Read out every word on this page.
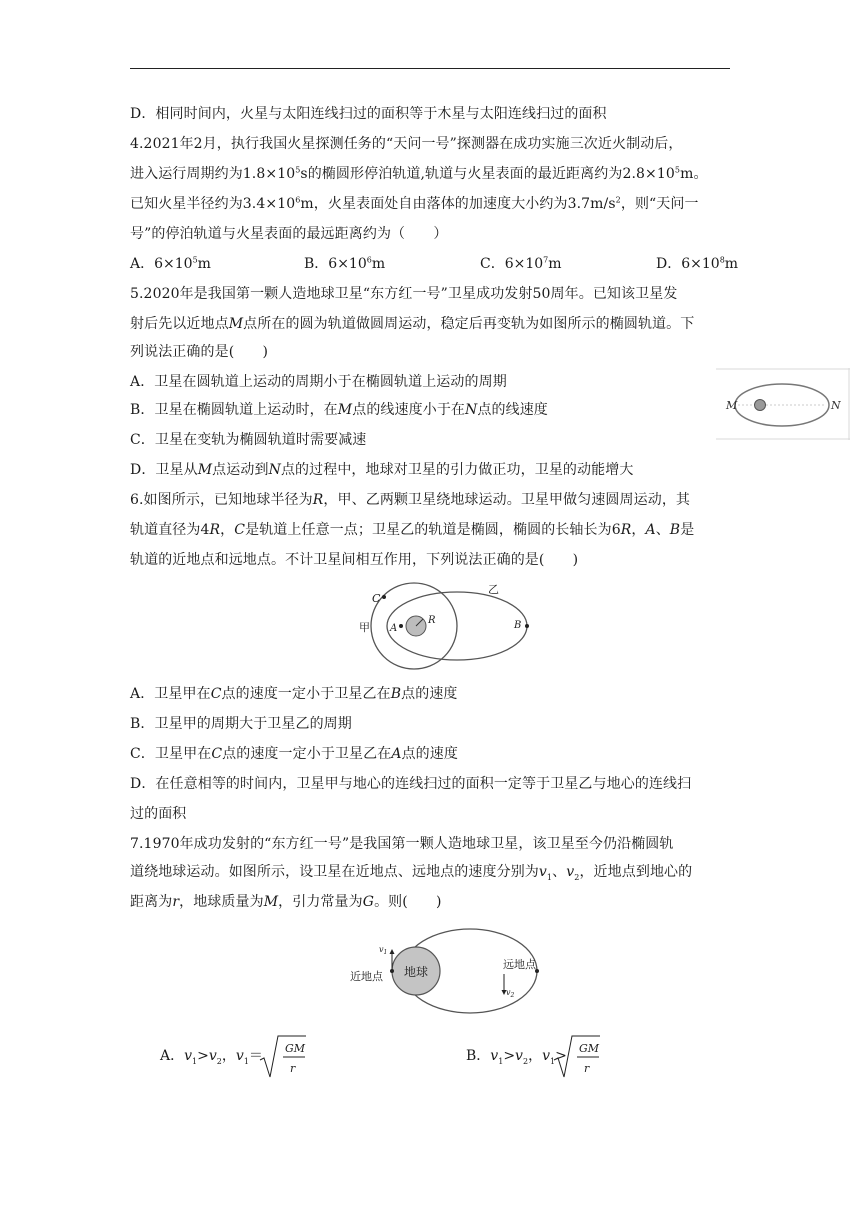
D．相同时间内，火星与太阳连线扫过的面积等于木星与太阳连线扫过的面积
4.2021年2月，执行我国火星探测任务的“天问一号”探测器在成功实施三次近火制动后，
进入运行周期约为$1.8\times 10^5s$的椭圆形停泊轨道,轨道与火星表面的最近距离约为$2.8\times 10^5m$。
已知火星半径约为$3.4\times 10^6m$，火星表面处自由落体的加速度大小约为$3.7m/s^2$，则“天问一
号”的停泊轨道与火星表面的最远距离约为（　　）
A．$6\times 10^5m$	B．$6\times 10^6m$	C．$6\times 10^7m$	D．$6\times 10^8m$
5.2020年是我国第一颗人造地球卫星“东方红一号”卫星成功发射50周年。已知该卫星发
射后先以近地点M点所在的圆为轨道做圆周运动，稳定后再变轨为如图所示的椭圆轨道。下
列说法正确的是(　　)
A．卫星在圆轨道上运动的周期小于在椭圆轨道上运动的周期
B．卫星在椭圆轨道上运动时，在M点的线速度小于在N点的线速度
C．卫星在变轨为椭圆轨道时需要减速
D．卫星从M点运动到N点的过程中，地球对卫星的引力做正功，卫星的动能增大
M	N
6.如图所示，已知地球半径为R，甲、乙两颗卫星绕地球运动。卫星甲做匀速圆周运动，其
轨道直径为4R，C是轨道上任意一点；卫星乙的轨道是椭圆，椭圆的长轴长为6R，A、B是
轨道的近地点和远地点。不计卫星间相互作用，下列说法正确的是(　　)
C
甲 A
R
乙
B
A．卫星甲在C点的速度一定小于卫星乙在B点的速度
B．卫星甲的周期大于卫星乙的周期
C．卫星甲在C点的速度一定小于卫星乙在A点的速度
D．在任意相等的时间内，卫星甲与地心的连线扫过的面积一定等于卫星乙与地心的连线扫
过的面积
7.1970年成功发射的“东方红一号”是我国第一颗人造地球卫星，该卫星至今仍沿椭圆轨
道绕地球运动。如图所示，设卫星在近地点、远地点的速度分别为$v_1$、$v_2$，近地点到地心的
距离为r，地球质量为M，引力常量为G。则(　　)
地球
$v_1$
$v_2$
近地点
远地点
A．$v_1>v_2$，$v_1=$ GM
r
B．$v_1>v_2$，$v_1>$ GM
r
